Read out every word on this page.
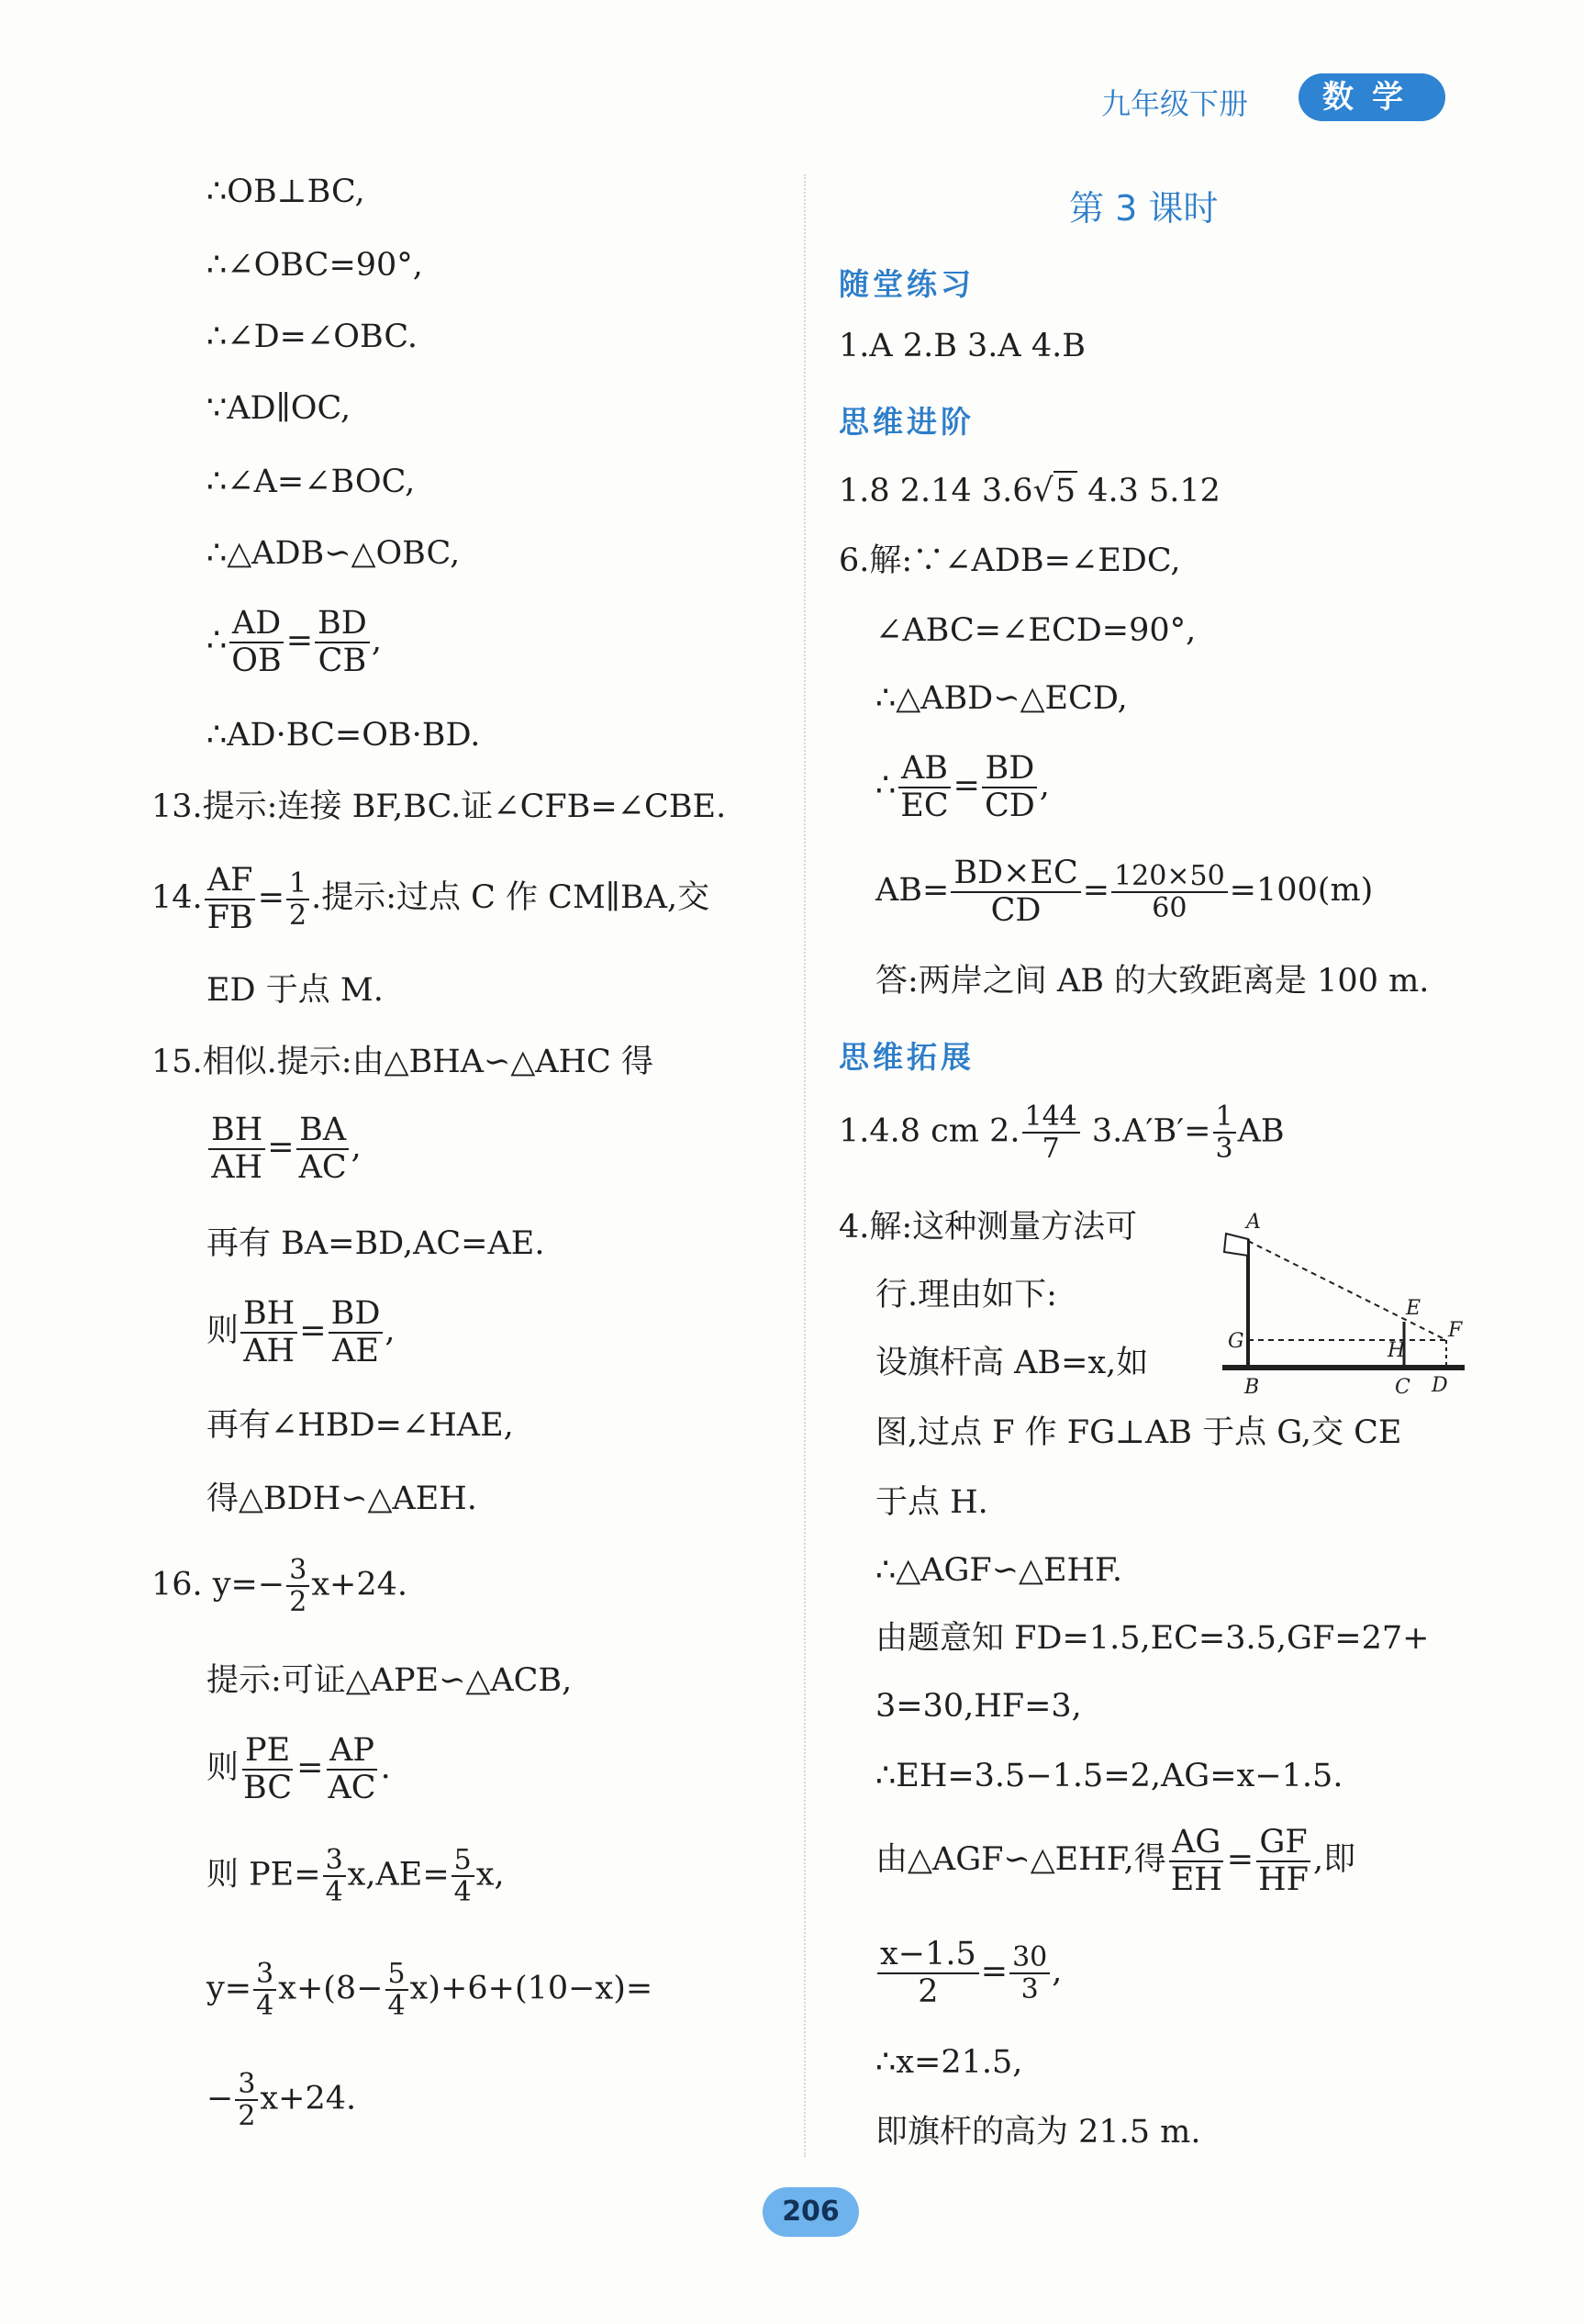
九年级下册	数学
∴OB⊥BC,
∴∠OBC=90°,
∴∠D=∠OBC.
∵AD∥OC,
∴∠A=∠BOC,
∴△ADB∽△OBC,
∴ $\frac{AD}{OB} = \frac{BD}{CB}$ ,
∴AD·BC=OB·BD.
13.提示:连接 BF,BC.证∠CFB=∠CBE.
14. $\frac{AF}{FB} = \frac{1}{2}$ .提示:过点 C 作 CM∥BA,交
ED 于点 M.
15.相似.提示:由△BHA∽△AHC 得
$\frac{BH}{AH} = \frac{BA}{AC}$ ,
再有 BA=BD,AC=AE.
则 $\frac{BH}{AH} = \frac{BD}{AE}$ ,
再有∠HBD=∠HAE,
得△BDH∽△AEH.
16. $y=- \frac{3}{2} x+24$.
提示:可证△APE∽△ACB,
则 $\frac{PE}{BC} = \frac{AP}{AC}$ .
则 $PE= \frac{3}{4} x,AE= \frac{5}{4} x$,
$y= \frac{3}{4} x+(8- \frac{5}{4} x)+6+(10-x)=$
− $\frac{3}{2} x+24$.
第 3 课时
随堂练习
1.A 2.B 3.A 4.B
思维进阶
1.8 2.14 3.6√5 4.3 5.12
6.解:∵∠ADB=∠EDC,
∠ABC=∠ECD=90°,
∴△ABD∽△ECD,
∴ $\frac{AB}{EC} = \frac{BD}{CD}$ ,
$AB= \frac{BD\times EC}{CD} = \frac{120\times 50}{60} =100(m)$
答:两岸之间 AB 的大致距离是 100 m.
思维拓展
1.4.8 cm 2. $\frac{144}{7} 3.A'B'= \frac{1}{3}$ AB
4.解:这种测量方法可
行.理由如下:
设旗杆高 AB=x,如
图,过点 F 作 FG⊥AB 于点 G,交 CE
于点 H.
∴△AGF∽△EHF.
由题意知 FD=1.5,EC=3.5,GF=27+
3=30,HF=3,
∴EH=3.5−1.5=2,AG=x−1.5.
由△AGF∽△EHF,得 $\frac{AG}{EH} = \frac{GF}{HF}$ ,即
$\frac{x-1.5}{2} = \frac{30}{3}$ ,
∴x=21.5,
即旗杆的高为 21.5 m.
A
E
F
G	H
B	C D
206
